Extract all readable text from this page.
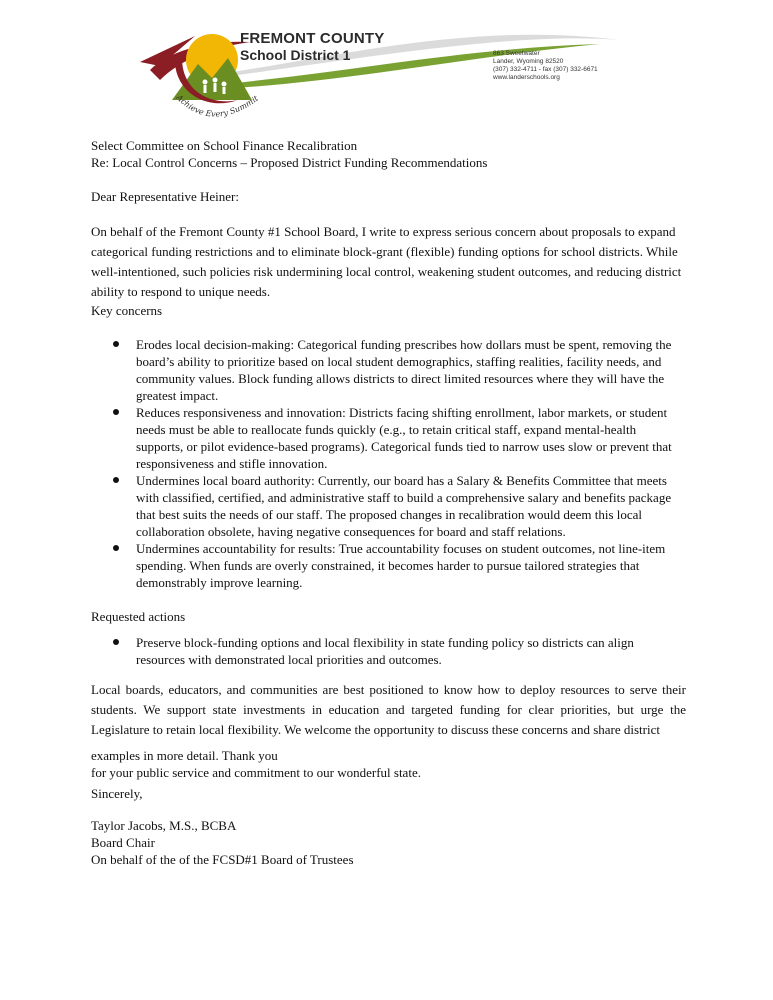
FREMONT COUNTY
School District 1
Achieve Every Summit
863 Sweetwater
Lander, Wyoming 82520
(307) 332-4711 - fax (307) 332-6671
www.landerschools.org

Select Committee on School Finance Recalibration

Re: Local Control Concerns – Proposed District Funding Recommendations

Dear Representative Heiner:

On behalf of the Fremont County #1 School Board, I write to express serious concern about proposals to expand categorical funding restrictions and to eliminate block-grant (flexible) funding options for school districts. While well-intentioned, such policies risk undermining local control, weakening student outcomes, and reducing district ability to respond to unique needs.

Key concerns

Erodes local decision-making: Categorical funding prescribes how dollars must be spent, removing the board’s ability to prioritize based on local student demographics, staffing realities, facility needs, and community values. Block funding allows districts to direct limited resources where they will have the greatest impact.
Reduces responsiveness and innovation: Districts facing shifting enrollment, labor markets, or student needs must be able to reallocate funds quickly (e.g., to retain critical staff, expand mental-health supports, or pilot evidence-based programs). Categorical funds tied to narrow uses slow or prevent that responsiveness and stifle innovation.
Undermines local board authority: Currently, our board has a Salary & Benefits Committee that meets with classified, certified, and administrative staff to build a comprehensive salary and benefits package that best suits the needs of our staff. The proposed changes in recalibration would deem this local collaboration obsolete, having negative consequences for board and staff relations.
Undermines accountability for results: True accountability focuses on student outcomes, not line-item spending. When funds are overly constrained, it becomes harder to pursue tailored strategies that demonstrably improve learning.

Requested actions

Preserve block-funding options and local flexibility in state funding policy so districts can align resources with demonstrated local priorities and outcomes.

Local boards, educators, and communities are best positioned to know how to deploy resources to serve their students. We support state investments in education and targeted funding for clear priorities, but urge the Legislature to retain local flexibility. We welcome the opportunity to discuss these concerns and share district

examples in more detail. Thank you

for your public service and commitment to our wonderful state.

Sincerely,

Taylor Jacobs, M.S., BCBA

Board Chair

On behalf of the of the FCSD#1 Board of Trustees
